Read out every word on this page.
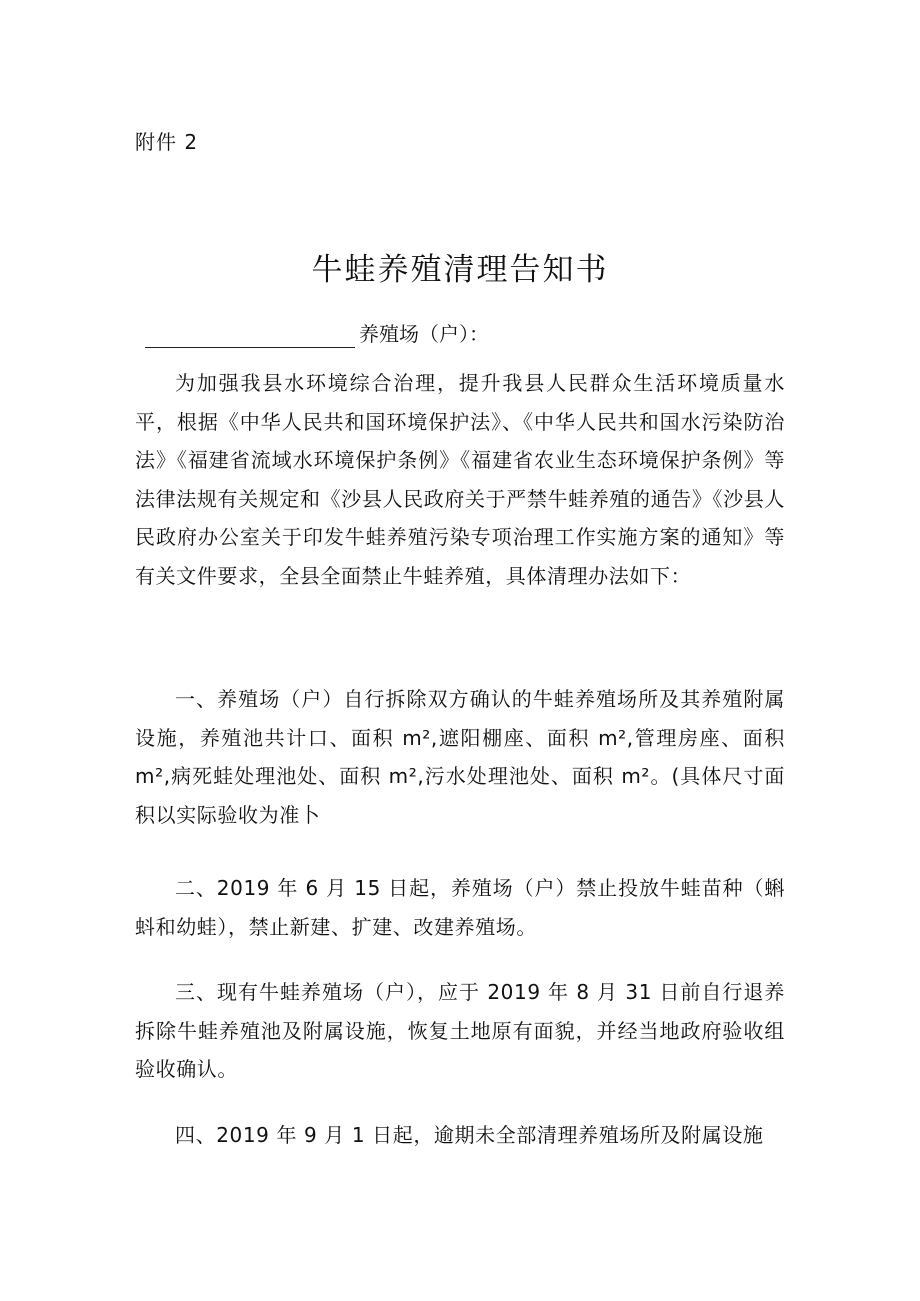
附件 2
牛蛙养殖清理告知书
养殖场（户）：

为加强我县水环境综合治理，提升我县人民群众生活环境质量水平，根据《中华人民共和国环境保护法》、《中华人民共和国水污染防治法》《福建省流域水环境保护条例》《福建省农业生态环境保护条例》等法律法规有关规定和《沙县人民政府关于严禁牛蛙养殖的通告》《沙县人民政府办公室关于印发牛蛙养殖污染专项治理工作实施方案的通知》等有关文件要求，全县全面禁止牛蛙养殖，具体清理办法如下：

一、养殖场（户）自行拆除双方确认的牛蛙养殖场所及其养殖附属设施，养殖池共计口、面积 m²,遮阳棚座、面积 m²,管理房座、面积 m²,病死蛙处理池处、面积 m²,污水处理池处、面积 m²。(具体尺寸面积以实际验收为准卜

二、2019 年 6 月 15 日起，养殖场（户）禁止投放牛蛙苗种（蝌蚪和幼蛙），禁止新建、扩建、改建养殖场。

三、现有牛蛙养殖场（户），应于 2019 年 8 月 31 日前自行退养拆除牛蛙养殖池及附属设施，恢复土地原有面貌，并经当地政府验收组验收确认。

四、2019 年 9 月 1 日起，逾期未全部清理养殖场所及附属设施
